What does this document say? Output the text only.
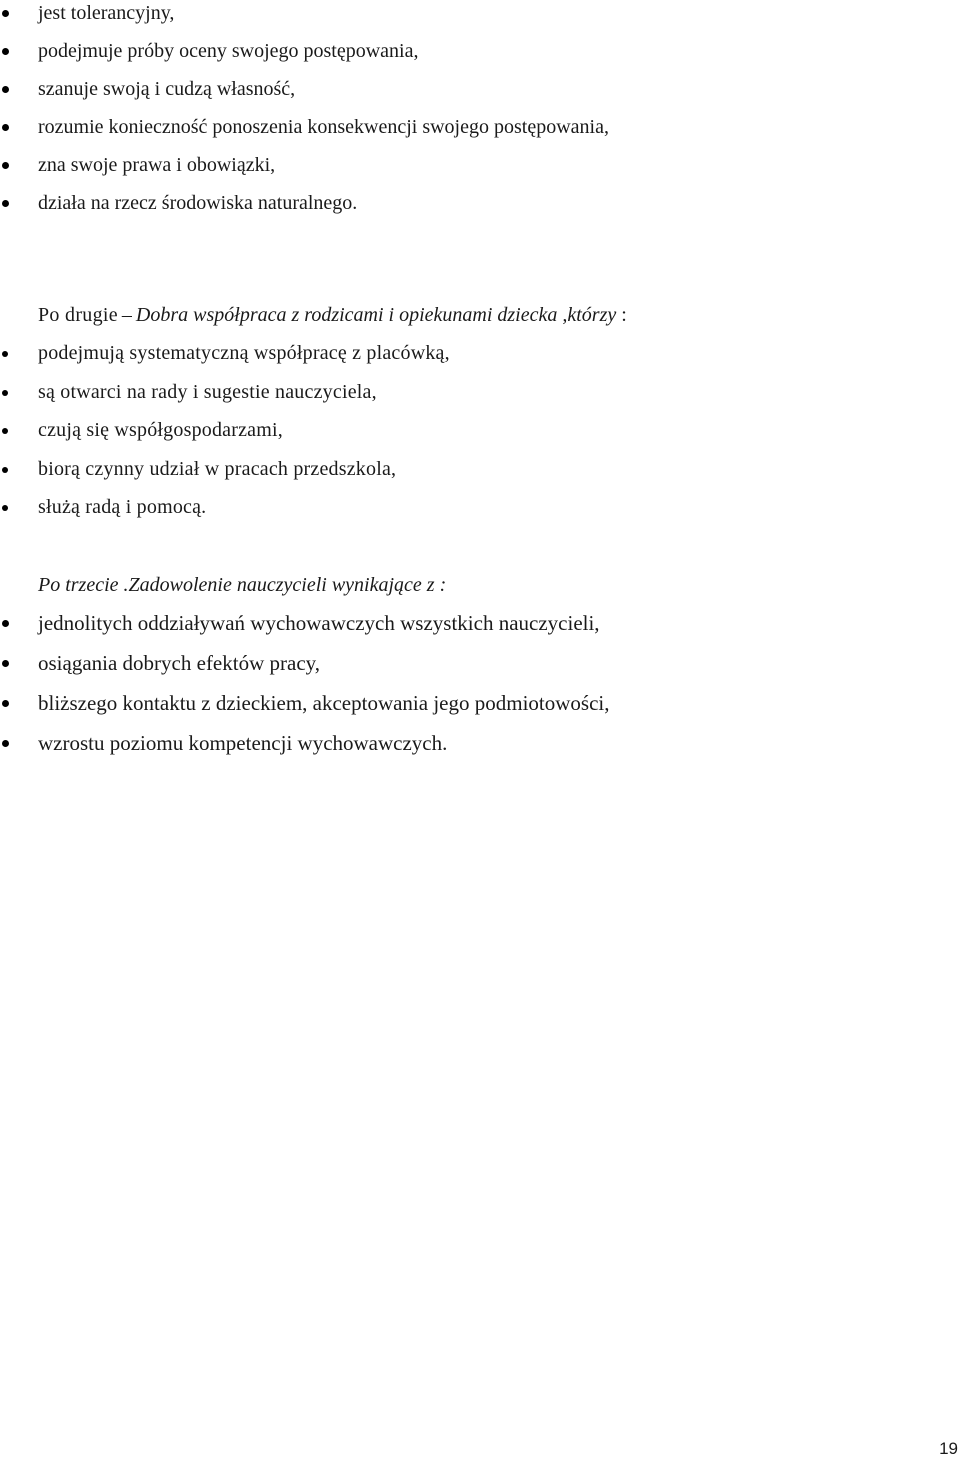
jest tolerancyjny,
podejmuje próby oceny swojego postępowania,
szanuje swoją i cudzą własność,
rozumie konieczność ponoszenia konsekwencji swojego postępowania,
zna swoje prawa i obowiązki,
działa na rzecz środowiska naturalnego.
Po drugie – Dobra współpraca z rodzicami i opiekunami dziecka ,którzy :
podejmują systematyczną współpracę z placówką,
są otwarci na rady i sugestie nauczyciela,
czują się współgospodarzami,
biorą czynny udział w pracach przedszkola,
służą radą i pomocą.
Po trzecie .Zadowolenie nauczycieli wynikające z :
jednolitych oddziaływań wychowawczych wszystkich nauczycieli,
osiągania dobrych efektów pracy,
bliższego kontaktu z dzieckiem, akceptowania jego podmiotowości,
wzrostu poziomu kompetencji wychowawczych.
19
